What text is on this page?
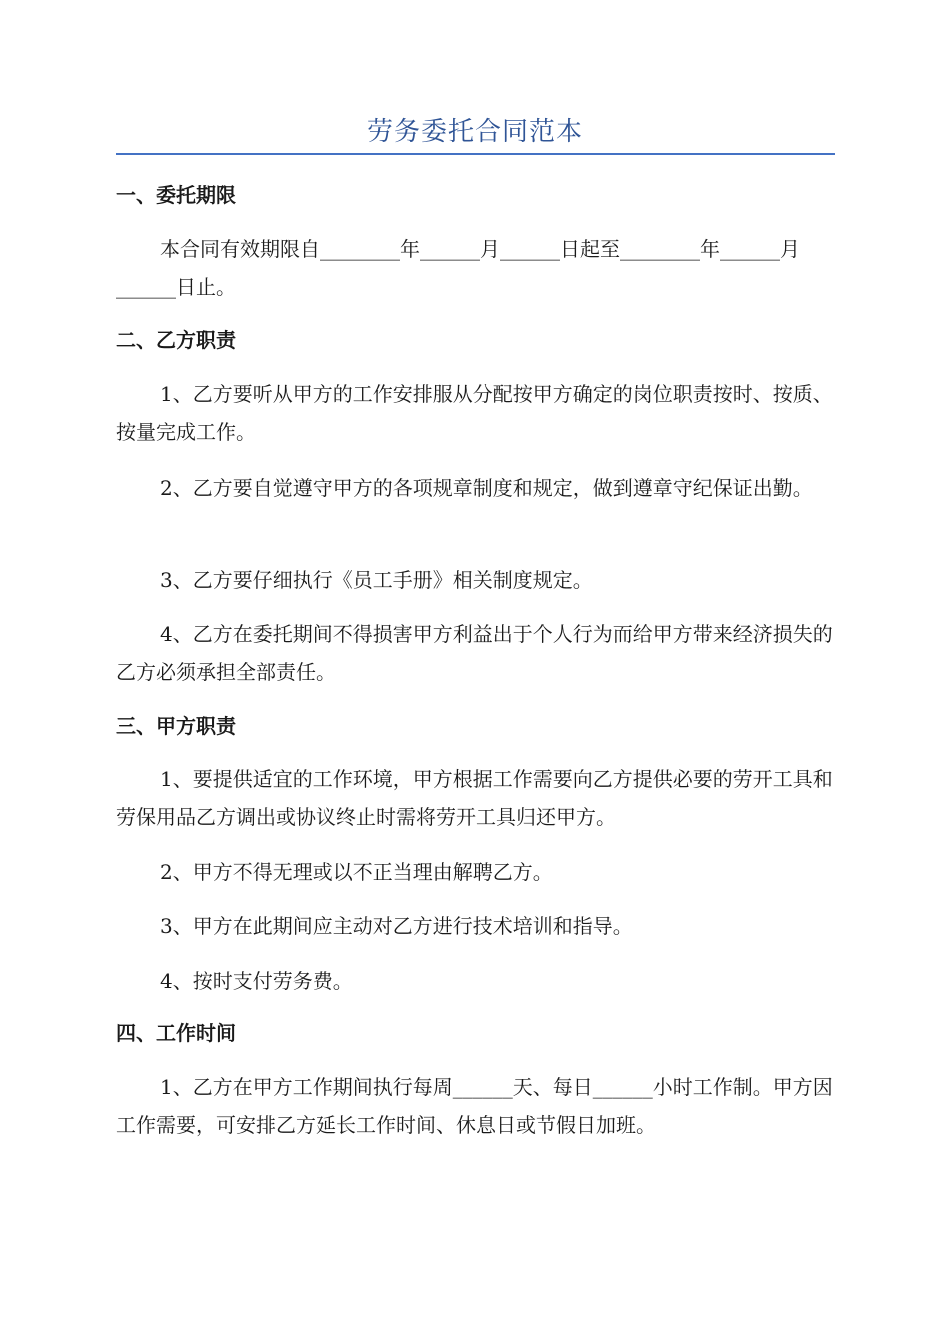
劳务委托合同范本
一、委托期限

本合同有效期限自________年______月______日起至________年______月______日止。

二、乙方职责

1、乙方要听从甲方的工作安排服从分配按甲方确定的岗位职责按时、按质、按量完成工作。

2、乙方要自觉遵守甲方的各项规章制度和规定，做到遵章守纪保证出勤。

3、乙方要仔细执行《员工手册》相关制度规定。

4、乙方在委托期间不得损害甲方利益出于个人行为而给甲方带来经济损失的乙方必须承担全部责任。

三、甲方职责

1、要提供适宜的工作环境，甲方根据工作需要向乙方提供必要的劳开工具和劳保用品乙方调出或协议终止时需将劳开工具归还甲方。

2、甲方不得无理或以不正当理由解聘乙方。

3、甲方在此期间应主动对乙方进行技术培训和指导。

4、按时支付劳务费。

四、工作时间

1、乙方在甲方工作期间执行每周______天、每日______小时工作制。甲方因工作需要，可安排乙方延长工作时间、休息日或节假日加班。
